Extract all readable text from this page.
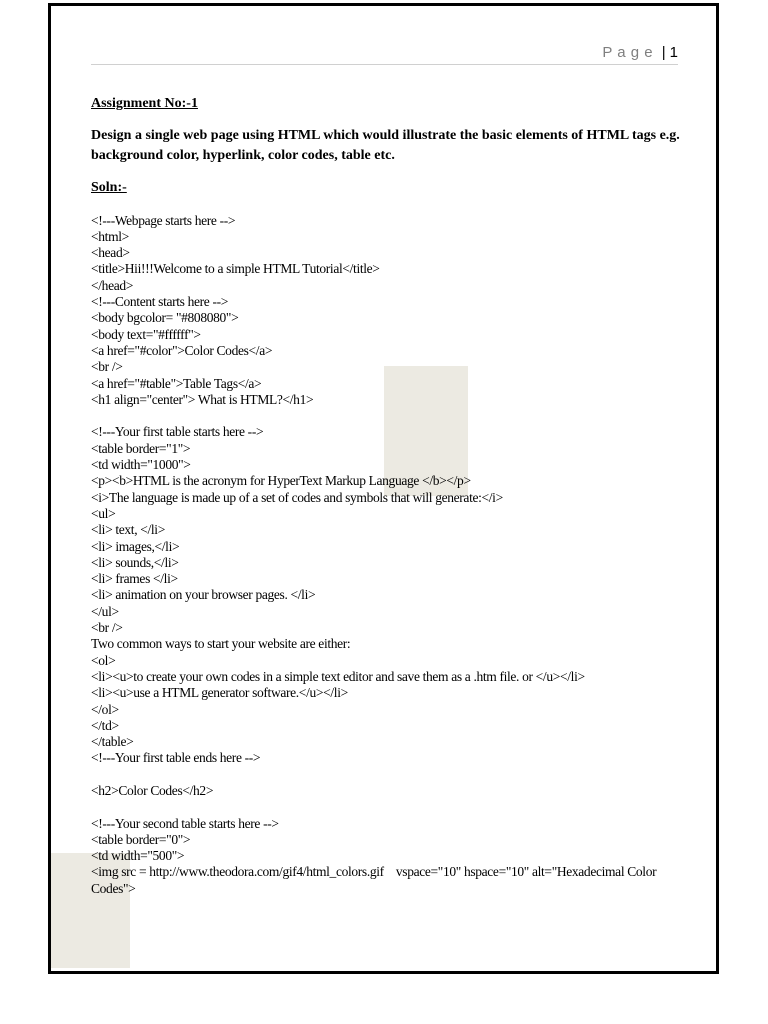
P a g e | 1
Assignment No:-1
Design a single web page using HTML which would illustrate the basic elements of HTML tags e.g. background color, hyperlink, color codes, table etc.
Soln:-
<!---Webpage starts here -->
<html>
<head>
<title>Hii!!!Welcome to a simple HTML Tutorial</title>
</head>
<!---Content starts here -->
<body bgcolor= "#808080">
<body text="#ffffff">
<a href="#color">Color Codes</a>
<br />
<a href="#table">Table Tags</a>
<h1 align="center"> What is HTML?</h1>
<!---Your first table starts here -->
<table border="1">
<td width="1000">
<p><b>HTML is the acronym for HyperText Markup Language </b></p>
<i>The language is made up of a set of codes and symbols that will generate:</i>
<ul>
<li> text, </li>
<li> images,</li>
<li> sounds,</li>
<li> frames </li>
<li> animation on your browser pages. </li>
</ul>
<br />
Two common ways to start your website are either:
<ol>
<li><u>to create your own codes in a simple text editor and save them as a .htm file. or </u></li>
<li><u>use a HTML generator software.</u></li>
</ol>
</td>
</table>
<!---Your first table ends here -->
<h2>Color Codes</h2>
<!---Your second table starts here -->
<table border="0">
<td width="500">
<img src = http://www.theodora.com/gif4/html_colors.gif    vspace="10" hspace="10" alt="Hexadecimal Color Codes">
